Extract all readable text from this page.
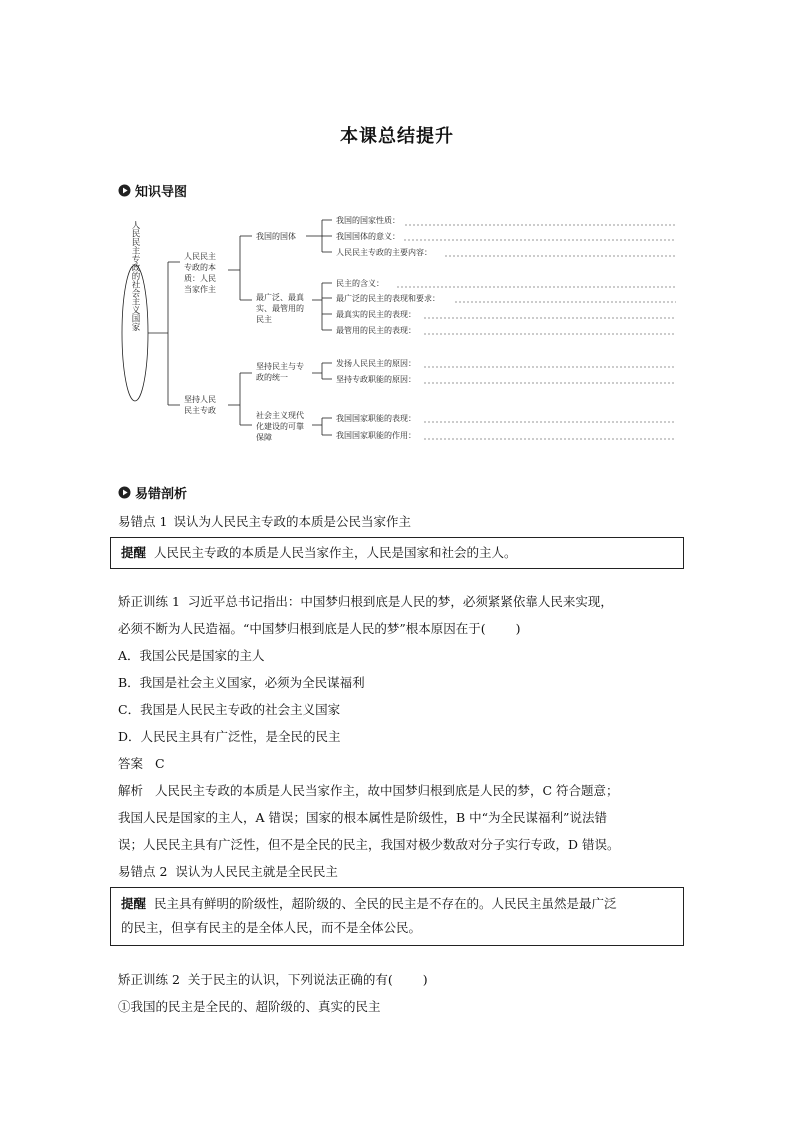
本课总结提升
知识导图
人民民主专政的社会主义国家	人民民主
专政的本
质：人民
当家作主
我国的国体
我国的国家性质：
我国国体的意义：
人民民主专政的主要内容：
最广泛、最真
实、最管用的
民主
民主的含义：
最广泛的民主的表现和要求：
最真实的民主的表现：
最管用的民主的表现：
坚持人民
民主专政
坚持民主与专
政的统一
发扬人民民主的原因：
坚持专政职能的原因：
社会主义现代
化建设的可靠
保障
我国国家职能的表现：
我国国家职能的作用：
易错剖析
易错点 1 误认为人民民主专政的本质是公民当家作主
提醒 人民民主专政的本质是人民当家作主，人民是国家和社会的主人。
矫正训练 1 习近平总书记指出：中国梦归根到底是人民的梦，必须紧紧依靠人民来实现，
必须不断为人民造福。“中国梦归根到底是人民的梦”根本原因在于( )
A．我国公民是国家的主人
B．我国是社会主义国家，必须为全民谋福利
C．我国是人民民主专政的社会主义国家
D．人民民主具有广泛性，是全民的民主
答案 C
解析 人民民主专政的本质是人民当家作主，故中国梦归根到底是人民的梦，C 符合题意；
我国人民是国家的主人，A 错误；国家的根本属性是阶级性，B 中“为全民谋福利”说法错
误；人民民主具有广泛性，但不是全民的民主，我国对极少数敌对分子实行专政，D 错误。
易错点 2 误认为人民民主就是全民民主
提醒 民主具有鲜明的阶级性，超阶级的、全民的民主是不存在的。人民民主虽然是最广泛
的民主，但享有民主的是全体人民，而不是全体公民。
矫正训练 2 关于民主的认识，下列说法正确的有( )
①我国的民主是全民的、超阶级的、真实的民主
